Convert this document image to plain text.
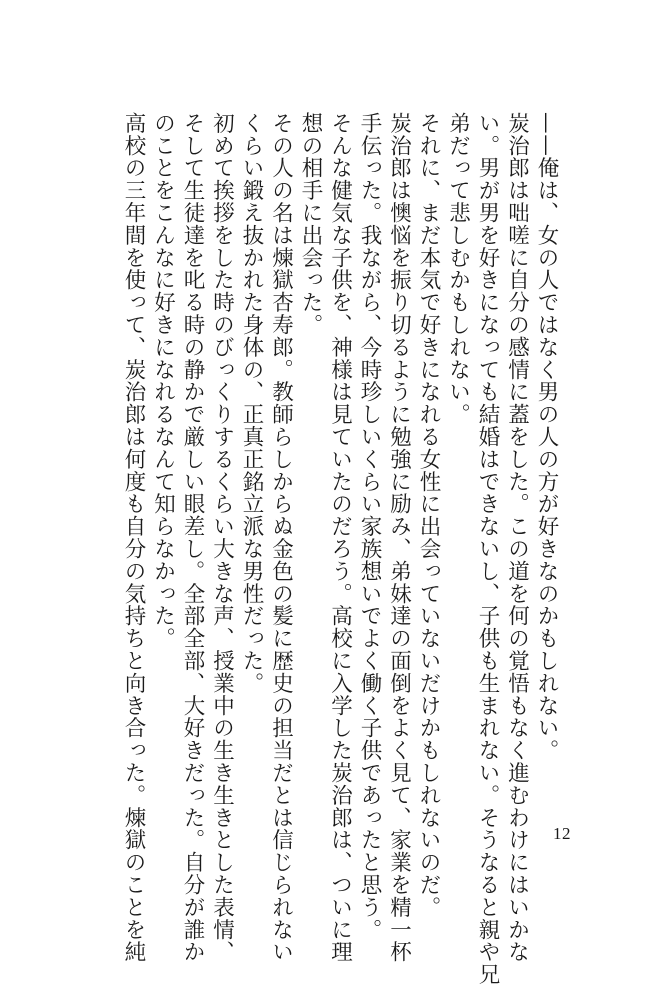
——俺は、女の人ではなく男の人の方が好きなのかもしれない。
炭治郎は咄嗟に自分の感情に蓋をした。この道を何の覚悟もなく進むわけにはいかな
い。男が男を好きになっても結婚はできないし、子供も生まれない。そうなると親や兄
弟だって悲しむかもしれない。
それに、まだ本気で好きになれる女性に出会っていないだけかもしれないのだ。
炭治郎は懊悩を振り切るように勉強に励み、弟妹達の面倒をよく見て、家業を精一杯
手伝った。我ながら、今時珍しいくらい家族想いでよく働く子供であったと思う。
そんな健気な子供を、神様は見ていたのだろう。高校に入学した炭治郎は、ついに理
想の相手に出会った。
その人の名は煉獄杏寿郎。教師らしからぬ金色の髪に歴史の担当だとは信じられない
くらい鍛え抜かれた身体の、正真正銘立派な男性だった。
初めて挨拶をした時のびっくりするくらい大きな声、授業中の生き生きとした表情、
そして生徒達を叱る時の静かで厳しい眼差し。全部全部、大好きだった。自分が誰か
のことをこんなに好きになれるなんて知らなかった。
高校の三年間を使って、炭治郎は何度も自分の気持ちと向き合った。煉獄のことを純	12
